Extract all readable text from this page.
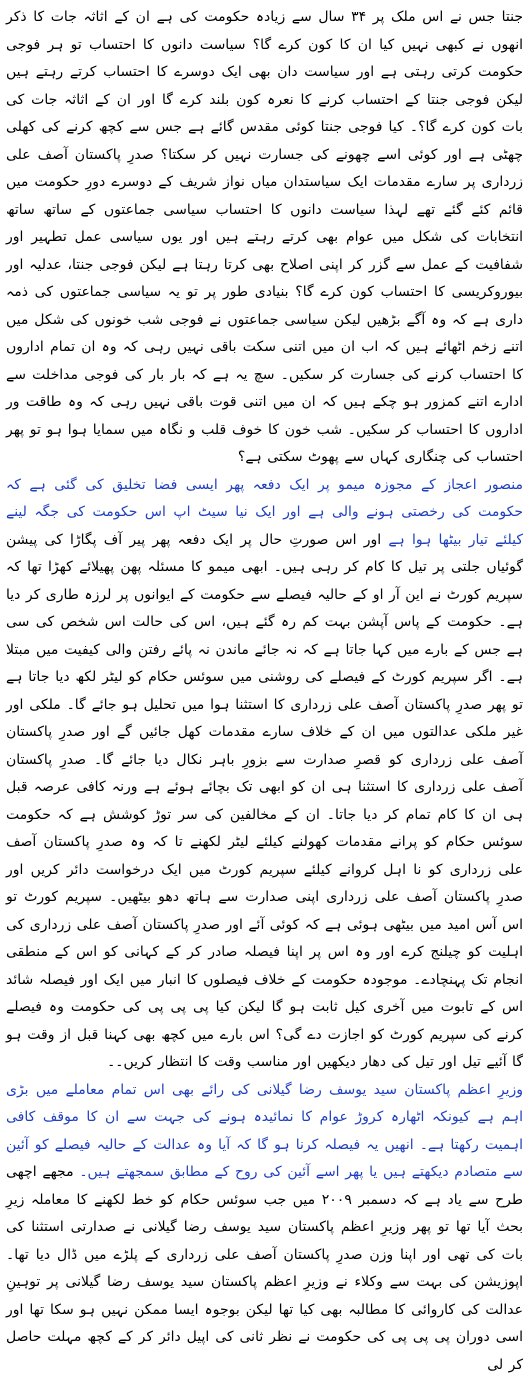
جنتا جس نے اس ملک پر ۳۴ سال سے زیادہ حکومت کی ہے ان کے اثاثہ جات کا ذکر انھوں نے کبھی نہیں کیا ان کا کون کرے گا؟ سیاست دانوں کا احتساب تو ہر فوجی حکومت کرتی رہتی ہے اور سیاست دان بھی ایک دوسرے کا احتساب کرتے رہتے ہیں لیکن فوجی جنتا کے احتساب کرنے کا نعرہ کون بلند کرے گا اور ان کے اثاثہ جات کی بات کون کرے گا؟۔ کیا فوجی جنتا کوئی مقدس گائے ہے جس سے کچھ کرنے کی کھلی چھٹی ہے اور کوئی اسے چھونے کی جسارت نہیں کر سکتا؟ صدرِ پاکستان آصف علی زرداری پر سارے مقدمات ایک سیاستدان میاں نواز شریف کے دوسرے دورِ حکومت میں قائم کئے گئے تھے لہذا سیاست دانوں کا احتساب سیاسی جماعتوں کے ساتھ ساتھ انتخابات کی شکل میں عوام بھی کرتے رہتے ہیں اور یوں سیاسی عمل تطہیر اور شفافیت کے عمل سے گزر کر اپنی اصلاح بھی کرتا رہتا ہے لیکن فوجی جنتا، عدلیہ اور بیوروکریسی کا احتساب کون کرے گا؟ بنیادی طور پر تو یہ سیاسی جماعتوں کی ذمہ داری ہے کہ وہ آگے بڑھیں لیکن سیاسی جماعتوں نے فوجی شب خونوں کی شکل میں اتنے زخم اٹھائے ہیں کہ اب ان میں اتنی سکت باقی نہیں رہی کہ وہ ان تمام اداروں کا احتساب کرنے کی جسارت کر سکیں۔ سچ یہ ہے کہ بار بار کی فوجی مداخلت سے ادارے اتنے کمزور ہو چکے ہیں کہ ان میں اتنی قوت باقی نہیں رہی کہ وہ طاقت ور اداروں کا احتساب کر سکیں۔ شب خون کا خوف قلب و نگاہ میں سمایا ہوا ہو تو پھر احتساب کی چنگاری کہاں سے پھوٹ سکتی ہے؟

منصور اعجاز کے مجوزہ میمو پر ایک دفعہ پھر ایسی فضا تخلیق کی گئی ہے کہ حکومت کی رخصتی ہونے والی ہے اور ایک نیا سیٹ اپ اس حکومت کی جگہ لینے کیلئے تیار بیٹھا ہوا ہے اور اس صورتِ حال پر ایک دفعہ پھر پیر آف پگاڑا کی پیشن گوئیاں جلتی پر تیل کا کام کر رہی ہیں۔ ابھی میمو کا مسئلہ پھن پھیلائے کھڑا تھا کہ سپریم کورٹ نے این آر او کے حالیہ فیصلے سے حکومت کے ایوانوں پر لرزہ طاری کر دیا ہے۔ حکومت کے پاس آپشن بہت کم رہ گئے ہیں، اس کی حالت اس شخص کی سی ہے جس کے بارے میں کہا جاتا ہے کہ نہ جائے ماندن نہ پائے رفتن والی کیفیت میں مبتلا ہے۔ اگر سپریم کورٹ کے فیصلے کی روشنی میں سوئس حکام کو لیٹر لکھ دیا جاتا ہے تو پھر صدرِ پاکستان آصف علی زرداری کا استثنا ہوا میں تحلیل ہو جائے گا۔ ملکی اور غیر ملکی عدالتوں میں ان کے خلاف سارے مقدمات کھل جائیں گے اور صدرِ پاکستان آصف علی زرداری کو قصرِ صدارت سے بزورِ باہر نکال دیا جائے گا۔ صدرِ پاکستان آصف علی زرداری کا استثنا ہی ان کو ابھی تک بچائے ہوئے ہے ورنہ کافی عرصہ قبل ہی ان کا کام تمام کر دیا جاتا۔ ان کے مخالفین کی سر توڑ کوشش ہے کہ حکومت سوئس حکام کو پرانے مقدمات کھولنے کیلئے لیٹر لکھنے تا کہ وہ صدرِ پاکستان آصف علی زرداری کو نا اہل کروانے کیلئے سپریم کورٹ میں ایک درخواست دائر کریں اور صدرِ پاکستان آصف علی زرداری اپنی صدارت سے ہاتھ دھو بیٹھیں۔ سپریم کورٹ تو اس آس امید میں بیٹھی ہوئی ہے کہ کوئی آئے اور صدرِ پاکستان آصف علی زرداری کی اہلیت کو چیلنج کرے اور وہ اس پر اپنا فیصلہ صادر کر کے کہانی کو اس کے منطقی انجام تک پہنچادے۔ موجودہ حکومت کے خلاف فیصلوں کا انبار میں ایک اور فیصلہ شائد اس کے تابوت میں آخری کیل ثابت ہو گا لیکن کیا پی پی پی کی حکومت وہ فیصلے کرنے کی سپریم کورٹ کو اجازت دے گی؟ اس بارے میں کچھ بھی کہنا قبل از وقت ہو گا آئیے تیل اور تیل کی دھار دیکھیں اور مناسب وقت کا انتظار کریں۔۔

وزیرِ اعظم پاکستان سید یوسف رضا گیلانی کی رائے بھی اس تمام معاملے میں بڑی اہم ہے کیونکہ اٹھارہ کروڑ عوام کا نمائیدہ ہونے کی جہت سے ان کا موقف کافی اہمیت رکھتا ہے۔ انھیں یہ فیصلہ کرنا ہو گا کہ آیا وہ عدالت کے حالیہ فیصلے کو آئین سے متصادم دیکھتے ہیں یا پھر اسے آئین کی روح کے مطابق سمجھتے ہیں۔ مجھے اچھی طرح سے یاد ہے کہ دسمبر ۲۰۰۹ میں جب سوئس حکام کو خط لکھنے کا معاملہ زیرِ بحث آیا تھا تو پھر وزیرِ اعظم پاکستان سید یوسف رضا گیلانی نے صدارتی استثنا کی بات کی تھی اور اپنا وزن صدرِ پاکستان آصف علی زرداری کے پلڑے میں ڈال دیا تھا۔ اپوزیشن کی بہت سے وکلاء نے وزیرِ اعظم پاکستان سید یوسف رضا گیلانی پر توہینِ عدالت کی کاروائی کا مطالبہ بھی کیا تھا لیکن بوجوہ ایسا ممکن نہیں ہو سکا تھا اور اسی دوران پی پی پی کی حکومت نے نظر ثانی کی اپیل دائر کر کے کچھ مہلت حاصل کر لی
